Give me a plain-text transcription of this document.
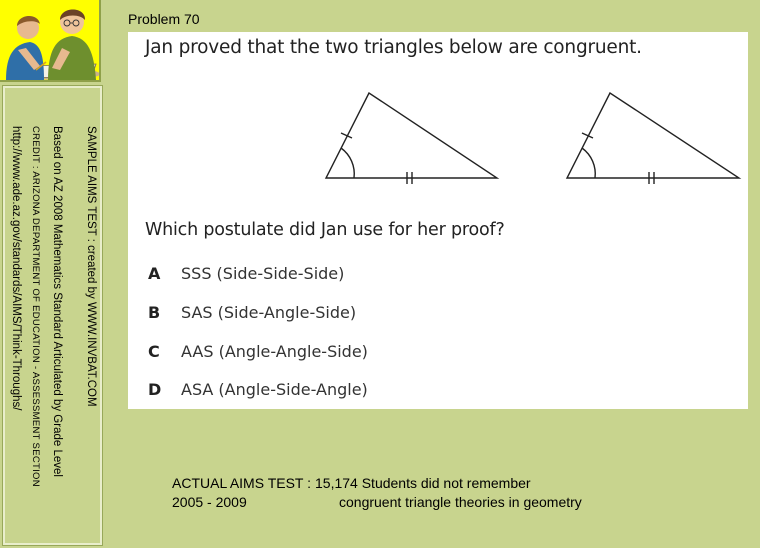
SAMPLE AIMS TEST : created by WWW.INVBAT.COM
Based on AZ 2008 Mathematics Standard Articulated by Grade Level
CREDIT : ARIZONA DEPARTMENT OF EDUCATION - ASSESSMENT SECTION
http://www.ade.az.gov/standards/AIMS/Think-Throughs/
Problem 70
Jan proved that the two triangles below are congruent.
Which postulate did Jan use for her proof?
A SSS (Side-Side-Side)
B SAS (Side-Angle-Side)
C AAS (Angle-Angle-Side)
D ASA (Angle-Side-Angle)
ACTUAL AIMS TEST :
2005 - 2009
15,174 Students did not remember
congruent triangle theories in geometry
